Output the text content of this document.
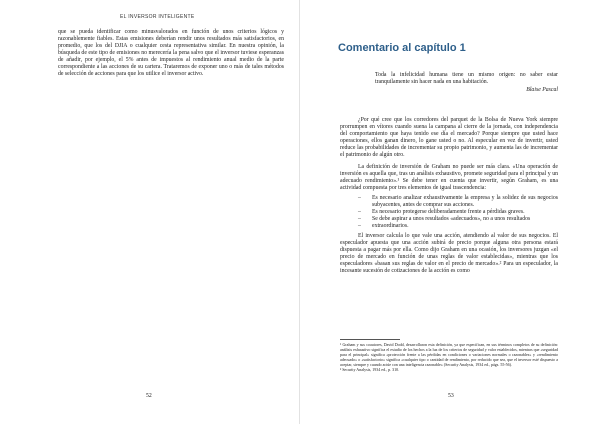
EL INVERSOR INTELIGENTE

que se pueda identificar como minusvalorados en función de unos criterios lógicos y razonablemente fiables. Estas emisiones deberían rendir unos resultados más satisfactorios, en promedio, que los del DJIA o cualquier cesta representativa similar. En nuestra opinión, la búsqueda de este tipo de emisiones no merecería la pena salvo que el inversor tuviese esperanzas de añadir, por ejemplo, el 5% antes de impuestos al rendimiento anual medio de la parte correspondiente a las acciones de su cartera. Trataremos de exponer uno o más de tales métodos de selección de acciones para que los utilice el inversor activo.

52
Comentario al capítulo 1
Toda la infelicidad humana tiene un mismo origen: no saber estar tranquilamente sin hacer nada en una habitación.
Blaise Pascal

¿Por qué cree que los corredores del parquet de la Bolsa de Nueva York siempre prorrumpen en vítores cuando suena la campana al cierre de la jornada, con independencia del comportamiento que haya tenido ese día el mercado? Porque siempre que usted hace operaciones, ellos ganan dinero, lo gane usted o no. Al especular en vez de invertir, usted reduce las probabilidades de incrementar su propio patrimonio, y aumenta las de incrementar el patrimonio de algún otro.

La definición de inversión de Graham no puede ser más clara. «Una operación de inversión es aquella que, tras un análisis exhaustivo, promete seguridad para el principal y un adecuado rendimiento».¹ Se debe tener en cuenta que invertir, según Graham, es una actividad compuesta por tres elementos de igual trascendencia:

– Es necesario analizar exhaustivamente la empresa y la solidez de sus negocios subyacentes, antes de comprar sus acciones.
– Es necesario protegerse deliberadamente frente a pérdidas graves.
– Se debe aspirar a unos resultados «adecuados», no a unos resultados
– extraordinarios.

El inversor calcula lo que vale una acción, atendiendo al valor de sus negocios. El especulador apuesta que una acción subirá de precio porque alguna otra persona estará dispuesta a pagar más por ella. Como dijo Graham en una ocasión, los inversores juzgan «el precio de mercado en función de unas reglas de valor establecidas», mientras que los especuladores «basan sus reglas de valor en el precio de mercado».² Para un especulador, la incesante sucesión de cotizaciones de la acción es como

¹ Graham y sus coautores, David Dodd, desarrollaron esta definición, ya que especifican, en sus términos completos de su definición: análisis exhaustivo significa el estudio de los hechos a la luz de los criterios de seguridad y valor establecidos, mientras que «seguridad para el principal» significa «protección frente a las pérdidas en condiciones o variaciones normales o razonables» y «rendimiento adecuado» o «satisfactorio» significa «cualquier tipo o cantidad de rendimiento, por reducido que sea, que el inversor esté dispuesto a aceptar, siempre y cuando actúe con una inteligencia razonable» (Security Analysis, 1934 ed., págs. 55-56).

² Security Analysis, 1934 ed., p. 310.

53
